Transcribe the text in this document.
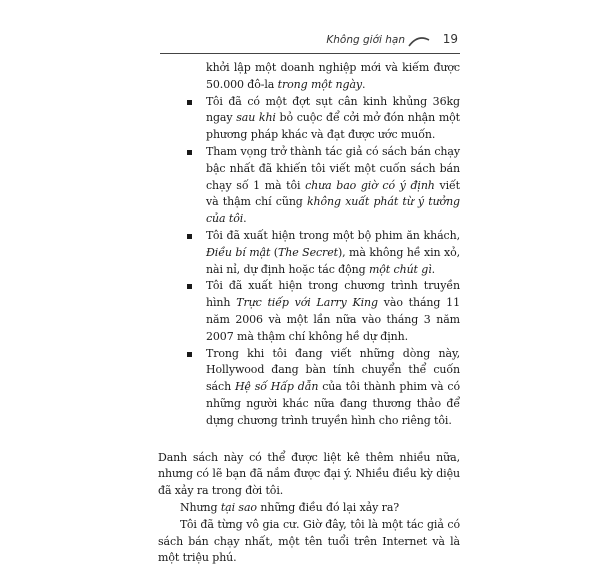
Không giới hạn	19

khởi lập một doanh nghiệp mới và kiếm được 50.000 đô-la trong một ngày.

Tôi đã có một đợt sụt cân kinh khủng 36kg ngay sau khi bỏ cuộc để cởi mở đón nhận một phương pháp khác và đạt được ước muốn.

Tham vọng trở thành tác giả có sách bán chạy bậc nhất đã khiến tôi viết một cuốn sách bán chạy số 1 mà tôi chưa bao giờ có ý định viết và thậm chí cũng không xuất phát từ ý tưởng của tôi.

Tôi đã xuất hiện trong một bộ phim ăn khách, Điều bí mật (The Secret), mà không hề xin xỏ, nài nỉ, dự định hoặc tác động một chút gì.

Tôi đã xuất hiện trong chương trình truyền hình Trực tiếp với Larry King vào tháng 11 năm 2006 và một lần nữa vào tháng 3 năm 2007 mà thậm chí không hề dự định.

Trong khi tôi đang viết những dòng này, Hollywood đang bàn tính chuyển thể cuốn sách Hệ số Hấp dẫn của tôi thành phim và có những người khác nữa đang thương thảo để dựng chương trình truyền hình cho riêng tôi.

Danh sách này có thể được liệt kê thêm nhiều nữa, nhưng có lẽ bạn đã nắm được đại ý. Nhiều điều kỳ diệu đã xảy ra trong đời tôi.

Nhưng tại sao những điều đó lại xảy ra?

Tôi đã từng vô gia cư. Giờ đây, tôi là một tác giả có sách bán chạy nhất, một tên tuổi trên Internet và là một triệu phú.
